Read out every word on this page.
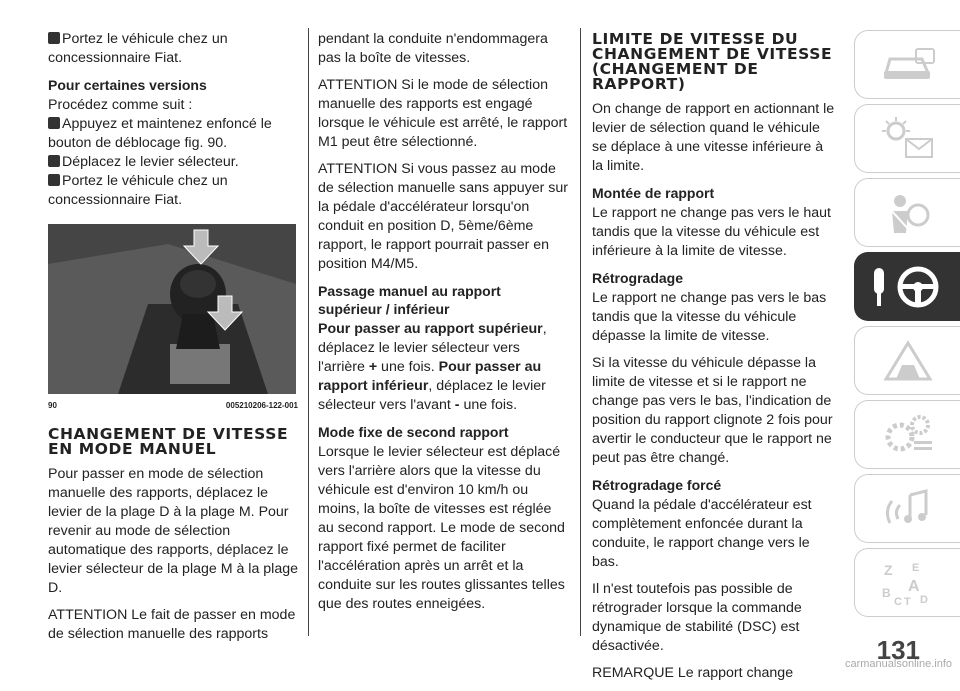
Portez le véhicule chez un concessionnaire Fiat.

Pour certaines versions

Procédez comme suit :

Appuyez et maintenez enfoncé le bouton de déblocage fig. 90.

Déplacez le levier sélecteur.

Portez le véhicule chez un concessionnaire Fiat.

90	005210206-122-001
CHANGEMENT DE VITESSE EN MODE MANUEL

Pour passer en mode de sélection manuelle des rapports, déplacez le levier de la plage D à la plage M. Pour revenir au mode de sélection automatique des rapports, déplacez le levier sélecteur de la plage M à la plage D.

ATTENTION Le fait de passer en mode de sélection manuelle des rapports

pendant la conduite n'endommagera pas la boîte de vitesses.

ATTENTION Si le mode de sélection manuelle des rapports est engagé lorsque le véhicule est arrêté, le rapport M1 peut être sélectionné.

ATTENTION Si vous passez au mode de sélection manuelle sans appuyer sur la pédale d'accélérateur lorsqu'on conduit en position D, 5ème/6ème rapport, le rapport pourrait passer en position M4/M5.

Passage manuel au rapport supérieur / inférieur

Pour passer au rapport supérieur, déplacez le levier sélecteur vers l'arrière + une fois. Pour passer au rapport inférieur, déplacez le levier sélecteur vers l'avant - une fois.

Mode fixe de second rapport

Lorsque le levier sélecteur est déplacé vers l'arrière alors que la vitesse du véhicule est d'environ 10 km/h ou moins, la boîte de vitesses est réglée au second rapport. Le mode de second rapport fixé permet de faciliter l'accélération après un arrêt et la conduite sur les routes glissantes telles que des routes enneigées.

LIMITE DE VITESSE DU CHANGEMENT DE VITESSE (CHANGEMENT DE RAPPORT)

On change de rapport en actionnant le levier de sélection quand le véhicule se déplace à une vitesse inférieure à la limite.

Montée de rapport

Le rapport ne change pas vers le haut tandis que la vitesse du véhicule est inférieure à la limite de vitesse.

Rétrogradage

Le rapport ne change pas vers le bas tandis que la vitesse du véhicule dépasse la limite de vitesse.

Si la vitesse du véhicule dépasse la limite de vitesse et si le rapport ne change pas vers le bas, l'indication de position du rapport clignote 2 fois pour avertir le conducteur que le rapport ne peut pas être changé.

Rétrogradage forcé

Quand la pédale d'accélérateur est complètement enfoncée durant la conduite, le rapport change vers le bas.

Il n'est toutefois pas possible de rétrograder lorsque la commande dynamique de stabilité (DSC) est désactivée.

REMARQUE Le rapport change

Z E
B A
C T D
131
carmanualsonline.info
